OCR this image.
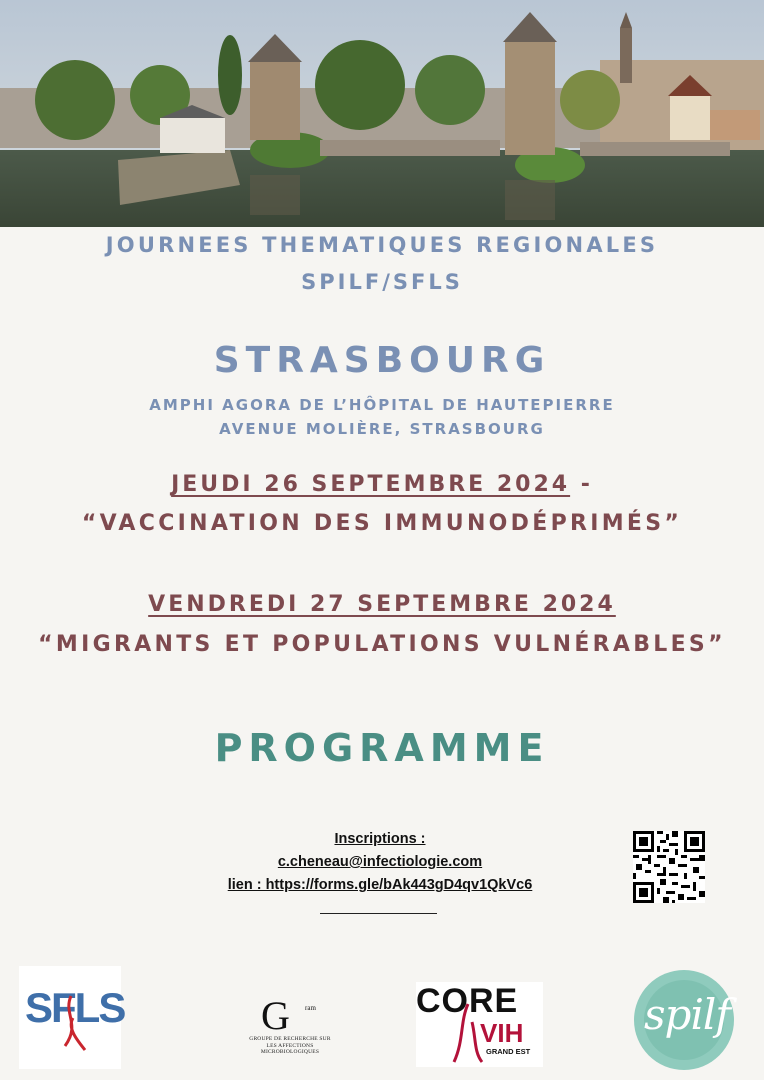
JOURNEES THEMATIQUES REGIONALES
SPILF/SFLS
STRASBOURG
AMPHI AGORA DE L’HÔPITAL DE HAUTEPIERRE
AVENUE MOLIÈRE, STRASBOURG
JEUDI 26 SEPTEMBRE 2024 -
“VACCINATION DES IMMUNODÉPRIMÉS”
VENDREDI 27 SEPTEMBRE 2024
“MIGRANTS ET POPULATIONS VULNÉRABLES”
PROGRAMME
Inscriptions :
c.cheneau@infectiologie.com
lien : https://forms.gle/bAk443gD4qv1QkVc6
SFLS	G ram
GROUPE DE RECHERCHE SUR LES AFFECTIONS MICROBIOLOGIQUES
CORE
VIH
GRAND EST
spilf
